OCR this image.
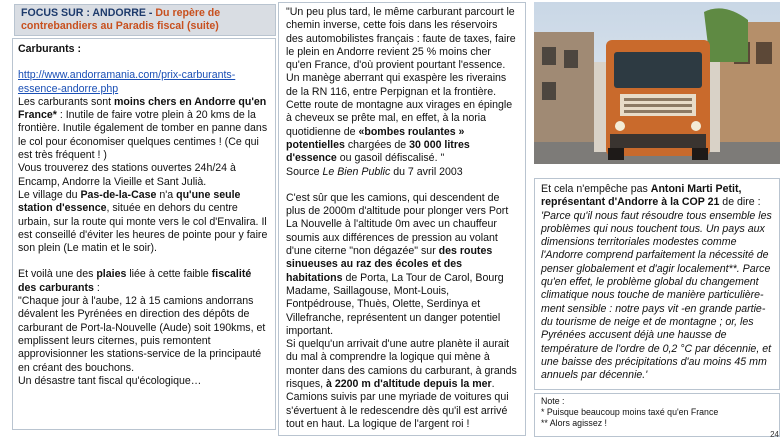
FOCUS SUR : ANDORRE - Du repère de contrebandiers au Paradis fiscal (suite)

Carburants :

http://www.andorramania.com/prix-carburants-essence-andorre.php

Les carburants sont moins chers en Andorre qu'en France* : Inutile de faire votre plein à 20 kms de la frontière. Inutile également de tomber en panne dans le col pour économiser quelques centimes ! (Ce qui est très fréquent ! )

Vous trouverez des stations ouvertes 24h/24 à Encamp, Andorre la Vieille et Sant Julià.

Le village du Pas-de-la-Case n'a qu'une seule station d'essence, située en dehors du centre urbain, sur la route qui monte vers le col d'Envalira. Il est conseillé d'éviter les heures de pointe pour y faire son plein (Le matin et le soir).

Et voilà une des plaies liée à cette faible fiscalité des carburants :

"Chaque jour à l'aube, 12 à 15 camions andorrans dévalent les Pyrénées en direction des dépôts de carburant de Port-la-Nouvelle (Aude) soit 190kms, et emplissent leurs citernes, puis remontent approvisionner les stations-service de la principauté en créant des bouchons.

Un désastre tant fiscal qu'écologique…

"Un peu plus tard, le même carburant parcourt le chemin inverse, cette fois dans les réservoirs des automobilistes français : faute de taxes, faire le plein en Andorre revient 25 % moins cher qu'en France, d'où provient pourtant l'essence.

Un manège aberrant qui exaspère les riverains de la RN 116, entre Perpignan et la frontière. Cette route de montagne aux virages en épingle à cheveux se prête mal, en effet, à la noria quotidienne de «bombes roulantes » potentielles chargées de 30 000 litres d'essence ou gasoil défiscalisé. "

Source Le Bien Public du 7 avril 2003

C'est sûr que les camions, qui descendent de plus de 2000m d'altitude pour plonger vers Port La Nouvelle à l'altitude 0m avec un chauffeur soumis aux différences de pression au volant d'une citerne "non dégazée" sur des routes sinueuses au raz des écoles et des habitations de Porta, La Tour de Carol, Bourg Madame, Saillagouse, Mont-Louis, Fontpédrouse, Thuès, Olette, Serdinya et Villefranche, représentent un danger potentiel important.

Si quelqu'un arrivait d'une autre planète il aurait du mal à comprendre la logique qui mène à monter dans des camions du carburant, à grands risques, à 2200 m d'altitude depuis la mer.

Camions suivis par une myriade de voitures qui s'évertuent à le redescendre dès qu'il est arrivé tout en haut. La logique de l'argent roi !

Et cela n'empêche pas Antoni Marti Petit, représentant d'Andorre à la COP 21 de dire :

'Parce qu'il nous faut résoudre tous ensemble les problèmes qui nous touchent tous. Un pays aux dimensions territoriales modestes comme l'Andorre comprend parfaitement la nécessité de penser globalement et d'agir localement**. Parce qu'en effet, le problème global du changement climatique nous touche de manière particulière-ment sensible : notre pays vit -en grande partie-du tourisme de neige et de montagne ; or, les Pyrénées accusent déjà une hausse de température de l'ordre de 0,2 °C par décennie, et une baisse des précipitations d'au moins 45 mm annuels par décennie.'

Note :

* Puisque beaucoup moins taxé qu'en France

** Alors agissez !

24
